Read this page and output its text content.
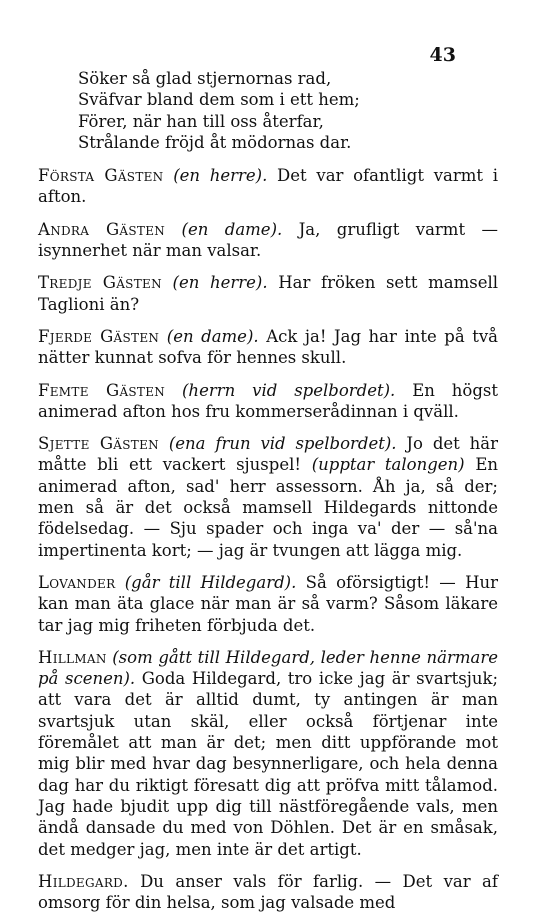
43
Söker så glad stjernornas rad,
Sväfvar bland dem som i ett hem;
Förer, när han till oss återfar,
Strålande fröjd åt mödornas dar.

Första Gästen (en herre). Det var ofantligt varmt i afton.

Andra Gästen (en dame). Ja, grufligt varmt — isynnerhet när man valsar.

Tredje Gästen (en herre). Har fröken sett mamsell Taglioni än?

Fjerde Gästen (en dame). Ack ja! Jag har inte på två nätter kunnat sofva för hennes skull.

Femte Gästen (herrn vid spelbordet). En högst animerad afton hos fru kommerserådinnan i qväll.

Sjette Gästen (ena frun vid spelbordet). Jo det här måtte bli ett vackert sjuspel! (upptar talongen) En animerad afton, sad' herr assessorn. Åh ja, så der; men så är det också mamsell Hildegards nittonde födelsedag. — Sju spader och inga va' der — så'na impertinenta kort; — jag är tvungen att lägga mig.

Lovander (går till Hildegard). Så oförsigtigt! — Hur kan man äta glace när man är så varm? Såsom läkare tar jag mig friheten förbjuda det.

Hillman (som gått till Hildegard, leder henne närmare på scenen). Goda Hildegard, tro icke jag är svartsjuk; att vara det är alltid dumt, ty antingen är man svartsjuk utan skäl, eller också förtjenar inte föremålet att man är det; men ditt uppförande mot mig blir med hvar dag besynnerligare, och hela denna dag har du riktigt föresatt dig att pröfva mitt tålamod. Jag hade bjudit upp dig till nästföregående vals, men ändå dansade du med von Döhlen. Det är en småsak, det medger jag, men inte är det artigt.

Hildegard. Du anser vals för farlig. — Det var af omsorg för din helsa, som jag valsade med
